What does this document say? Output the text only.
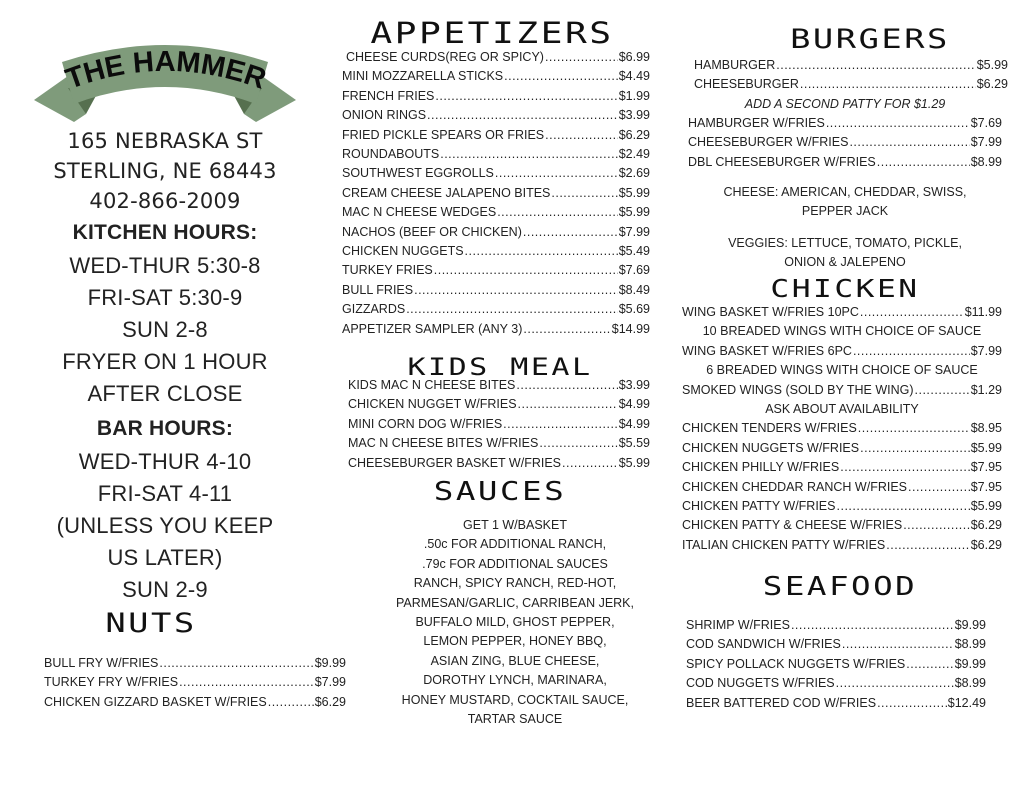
THE HAMMER
165 NEBRASKA ST
STERLING, NE 68443
402-866-2009
KITCHEN HOURS:
WED-THUR 5:30-8
FRI-SAT 5:30-9
SUN 2-8
FRYER ON 1 HOUR
AFTER CLOSE
BAR HOURS:
WED-THUR 4-10
FRI-SAT 4-11
(UNLESS YOU KEEP
US LATER)
SUN 2-9
NUTS
BULL FRY W/FRIES .....	$9.99
TURKEY FRY W/FRIES .....	$7.99
CHICKEN GIZZARD BASKET W/FRIES .....	$6.29
APPETIZERS
CHEESE CURDS(REG OR SPICY) .....	$6.99
MINI MOZZARELLA STICKS .....	$4.49
FRENCH FRIES .....	$1.99
ONION RINGS .....	$3.99
FRIED PICKLE SPEARS OR FRIES .....	$6.29
ROUNDABOUTS .....	$2.49
SOUTHWEST EGGROLLS .....	$2.69
CREAM CHEESE JALAPENO BITES .....	$5.99
MAC N CHEESE WEDGES .....	$5.99
NACHOS (BEEF OR CHICKEN) .....	$7.99
CHICKEN NUGGETS .....	$5.49
TURKEY FRIES .....	$7.69
BULL FRIES .....	$8.49
GIZZARDS .....	$5.69
APPETIZER SAMPLER (ANY 3) .....	$14.99
KIDS MEAL
KIDS MAC N CHEESE BITES .....	$3.99
CHICKEN NUGGET W/FRIES .....	$4.99
MINI CORN DOG W/FRIES .....	$4.99
MAC N CHEESE BITES W/FRIES .....	$5.59
CHEESEBURGER BASKET W/FRIES .....	$5.99
SAUCES
GET 1 W/BASKET
.50c FOR ADDITIONAL RANCH,
.79c FOR ADDITIONAL SAUCES
RANCH, SPICY RANCH, RED-HOT,
PARMESAN/GARLIC, CARRIBEAN JERK,
BUFFALO MILD, GHOST PEPPER,
LEMON PEPPER, HONEY BBQ,
ASIAN ZING, BLUE CHEESE,
DOROTHY LYNCH, MARINARA,
HONEY MUSTARD, COCKTAIL SAUCE,
TARTAR SAUCE
BURGERS
HAMBURGER .....	$5.99
CHEESEBURGER .....	$6.29
ADD A SECOND PATTY FOR $1.29
HAMBURGER W/FRIES .....	$7.69
CHEESEBURGER W/FRIES .....	$7.99
DBL CHEESEBURGER W/FRIES .....	$8.99
CHEESE: AMERICAN, CHEDDAR, SWISS,
PEPPER JACK
VEGGIES: LETTUCE, TOMATO, PICKLE,
ONION & JALEPENO
CHICKEN
WING BASKET W/FRIES 10PC .....	$11.99
10 BREADED WINGS WITH CHOICE OF SAUCE
WING BASKET W/FRIES 6PC .....	$7.99
6 BREADED WINGS WITH CHOICE OF SAUCE
SMOKED WINGS (SOLD BY THE WING) .....	$1.29
ASK ABOUT AVAILABILITY
CHICKEN TENDERS W/FRIES .....	$8.95
CHICKEN NUGGETS W/FRIES .....	$5.99
CHICKEN PHILLY W/FRIES .....	$7.95
CHICKEN CHEDDAR RANCH W/FRIES .....	$7.95
CHICKEN PATTY W/FRIES .....	$5.99
CHICKEN PATTY & CHEESE W/FRIES .....	$6.29
ITALIAN CHICKEN PATTY W/FRIES .....	$6.29
SEAFOOD
SHRIMP W/FRIES .....	$9.99
COD SANDWICH W/FRIES .....	$8.99
SPICY POLLACK NUGGETS W/FRIES .....	$9.99
COD NUGGETS W/FRIES .....	$8.99
BEER BATTERED COD W/FRIES .....	$12.49
